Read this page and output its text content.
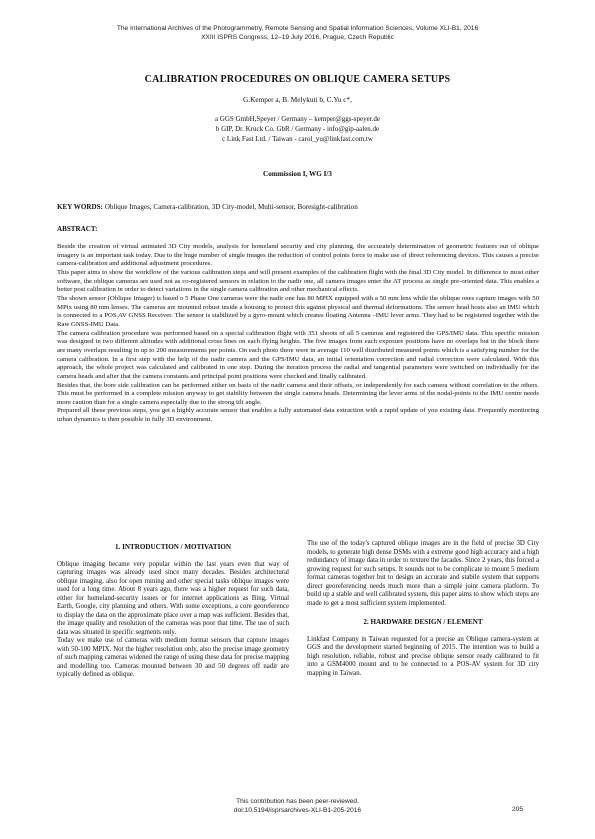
The International Archives of the Photogrammetry, Remote Sensing and Spatial Information Sciences, Volume XLI-B1, 2016
XXIII ISPRS Congress, 12–19 July 2016, Prague, Czech Republic
CALIBRATION PROCEDURES ON OBLIQUE CAMERA SETUPS
G.Kemper a, B. Melykuti b, C.Yu c*,
a GGS GmbH,Speyer / Germany – kemper@ggs-speyer.de
b GIP, Dr. Kruck Co. GbR / Germany - info@gip-aalen.de
c Link Fast Ltd. / Taiwan - carol_yu@linkfast.com.tw
Commission I, WG I/3
KEY WORDS: Oblique Images, Camera-calibration, 3D City-model, Multi-sensor, Boresight-calibration
ABSTRACT:

Beside the creation of virtual animated 3D City models, analysis for homeland security and city planning, the accurately determination of geometric features out of oblique imagery is an important task today. Due to the huge number of single images the reduction of control points force to make use of direct referencing devices. This causes a precise camera-calibration and additional adjustment procedures.

This paper aims to show the workflow of the various calibration steps and will present examples of the calibration flight with the final 3D City model. In difference to most other software, the oblique cameras are used not as co-registered sensors in relation to the nadir one, all camera images enter the AT process as single pre-oriented data. This enables a better post calibration in order to detect variations in the single camera calibration and other mechanical effects.

The shown sensor (Oblique Imager) is based o 5 Phase One cameras were the nadir one has 80 MPIX equipped with a 50 mm lens while the oblique ones capture images with 50 MPix using 80 mm lenses. The cameras are mounted robust inside a housing to protect this against physical and thermal deformations. The sensor head hosts also an IMU which is connected to a POS AV GNSS Receiver. The sensor is stabilized by a gyro-mount which creates floating Antenna –IMU lever arms. They had to be registered together with the Raw GNSS-IMU Data.

The camera calibration procedure was performed based on a special calibration flight with 351 shoots of all 5 cameras and registered the GPS/IMU data. This specific mission was designed in two different altitudes with additional cross lines on each flying heights. The five images from each exposure positions have no overlaps but in the block there are many overlaps resulting in up to 200 measurements per points. On each photo there were in average 110 well distributed measured points which is a satisfying number for the camera calibration. In a first step with the help of the nadir camera and the GPS/IMU data, an initial orientation correction and radial correction were calculated. With this approach, the whole project was calculated and calibrated in one step. During the iteration process the radial and tangential parameters were switched on individually for the camera heads and after that the camera constants and principal point positions were checked and finally calibrated.

Besides that, the bore side calibration can be performed either on basis of the nadir camera and their offsets, or independently for each camera without correlation to the others. This must be performed in a complete mission anyway to get stability between the single camera heads. Determining the lever arms of the nodal-points to the IMU centre needs more caution than for a single camera especially due to the strong tilt angle.

Prepared all these previous steps, you get a highly accurate sensor that enables a fully automated data extraction with a rapid update of you existing data. Frequently monitoring urban dynamics is then possible in fully 3D environment.

1. INTRODUCTION / MOTIVATION

Oblique imaging became very popular within the last years even that way of capturing images was already used since many decades. Besides architectural oblique imaging, also for open mining and other special tasks oblique images were used for a long time. About 8 years ago, there was a higher request for such data, either for homeland-security issues or for internet applications as Bing, Virtual Earth, Google, city planning and others. With some exceptions, a core georeference to display the data on the approximate place over a map was sufficient. Besides that, the image quality and resolution of the cameras was poor that time. The use of such data was situated in specific segments only.

Today we make use of cameras with medium format sensors that capture images with 50-100 MPIX. Not the higher resolution only, also the precise image geometry of such mapping cameras widened the range of using these data for precise mapping and modelling too. Cameras mounted between 30 and 50 degrees off nadir are typically defined as oblique.

The use of the today's captured oblique images are in the field of precise 3D City models, to generate high dense DSMs with a extreme good high accuracy and a high redundancy of image data in order to texture the facades. Since 2 years, this forced a growing request for such setups. It sounds not to be complicate to mount 5 medium format cameras together but to design an accurate and stabile system that supports direct georeferencing needs much more than a simple joint camera platform. To build up a stable and well calibrated system, this paper aims to show which steps are made to get a most sufficient system implemented.

2. HARDWARE DESIGN / ELEMENT

Linkfast Company in Taiwan requested for a precise an Oblique camera-system at GGS and the development started beginning of 2015. The intention was to build a high resolution, reliable, robust and precise oblique sensor ready calibrated to fit into a GSM4000 mount and to be connected to a POS-AV system for 3D city mapping in Taiwan.

This contribution has been peer-reviewed.
doi:10.5194/isprsarchives-XLI-B1-205-2016	205
